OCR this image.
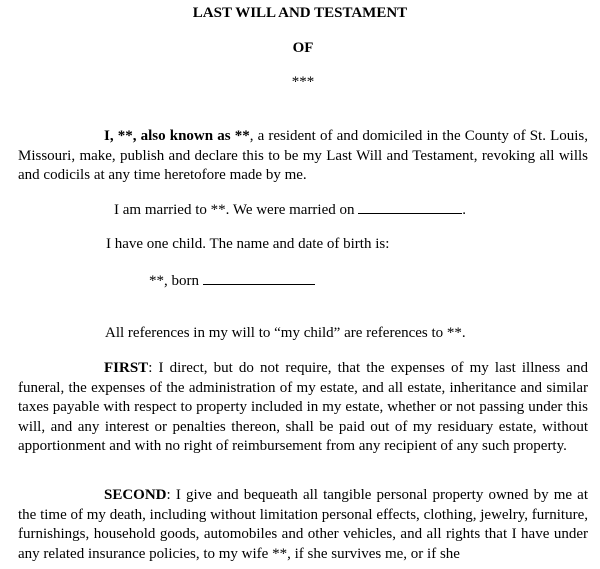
LAST WILL AND TESTAMENT
OF
***

I, **, also known as **, a resident of and domiciled in the County of St. Louis, Missouri, make, publish and declare this to be my Last Will and Testament, revoking all wills and codicils at any time heretofore made by me.

I am married to **. We were married on	.

I have one child. The name and date of birth is:

**, born

All references in my will to “my child” are references to **.

FIRST: I direct, but do not require, that the expenses of my last illness and funeral, the expenses of the administration of my estate, and all estate, inheritance and similar taxes payable with respect to property included in my estate, whether or not passing under this will, and any interest or penalties thereon, shall be paid out of my residuary estate, without apportionment and with no right of reimbursement from any recipient of any such property.

SECOND: I give and bequeath all tangible personal property owned by me at the time of my death, including without limitation personal effects, clothing, jewelry, furniture, furnishings, household goods, automobiles and other vehicles, and all rights that I have under any related insurance policies, to my wife **, if she survives me, or if she
